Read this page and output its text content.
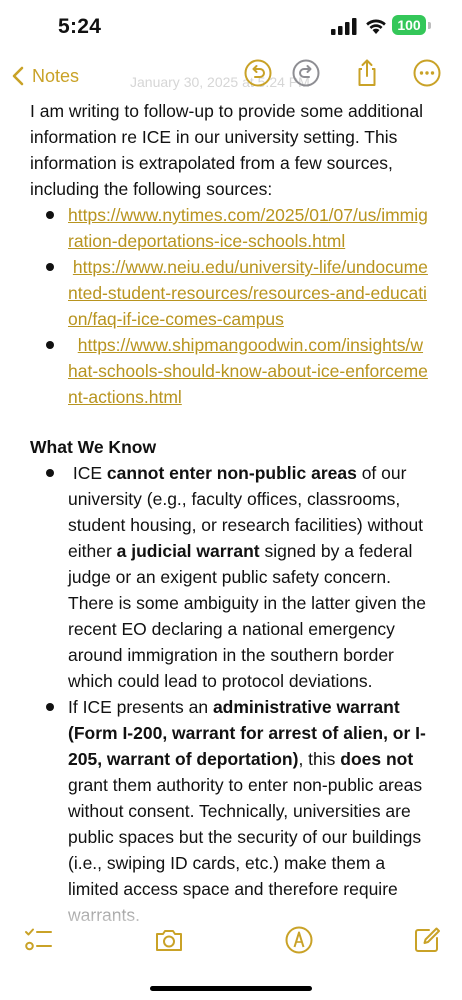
5:24	100
Notes	January 30, 2025 at 5:24 PM

I am writing to follow-up to provide some additional information re ICE in our university setting. This information is extrapolated from a few sources, including the following sources:

https://www.nytimes.com/2025/01/07/us/immigration-deportations-ice-schools.html
https://www.neiu.edu/university-life/undocumented-student-resources/resources-and-education/faq-if-ice-comes-campus
https://www.shipmangoodwin.com/insights/what-schools-should-know-about-ice-enforcement-actions.html
What We Know
ICE cannot enter non-public areas of our university (e.g., faculty offices, classrooms, student housing, or research facilities) without either a judicial warrant signed by a federal judge or an exigent public safety concern. There is some ambiguity in the latter given the recent EO declaring a national emergency around immigration in the southern border which could lead to protocol deviations.
If ICE presents an administrative warrant (Form I-200, warrant for arrest of alien, or I-205, warrant of deportation), this does not grant them authority to enter non-public areas without consent. Technically, universities are public spaces but the security of our buildings (i.e., swiping ID cards, etc.) make them a limited access space and therefore require
